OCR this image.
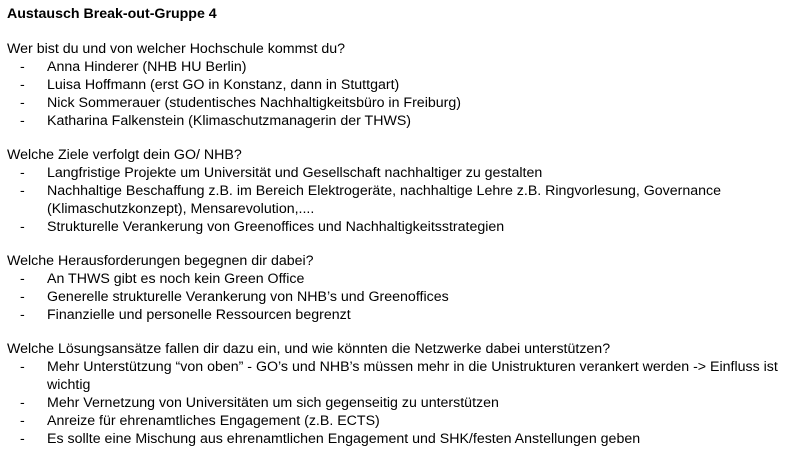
Austausch Break-out-Gruppe 4
Wer bist du und von welcher Hochschule kommst du?
- Anna Hinderer (NHB HU Berlin)
- Luisa Hoffmann (erst GO in Konstanz, dann in Stuttgart)
- Nick Sommerauer (studentisches Nachhaltigkeitsbüro in Freiburg)
- Katharina Falkenstein (Klimaschutzmanagerin der THWS)
Welche Ziele verfolgt dein GO/ NHB?
- Langfristige Projekte um Universität und Gesellschaft nachhaltiger zu gestalten
- Nachhaltige Beschaffung z.B. im Bereich Elektrogeräte, nachhaltige Lehre z.B. Ringvorlesung, Governance (Klimaschutzkonzept), Mensarevolution,....
- Strukturelle Verankerung von Greenoffices und Nachhaltigkeitsstrategien
Welche Herausforderungen begegnen dir dabei?
- An THWS gibt es noch kein Green Office
- Generelle strukturelle Verankerung von NHB’s und Greenoffices
- Finanzielle und personelle Ressourcen begrenzt
Welche Lösungsansätze fallen dir dazu ein, und wie könnten die Netzwerke dabei unterstützen?
- Mehr Unterstützung “von oben” - GO’s und NHB’s müssen mehr in die Unistrukturen verankert werden -> Einfluss ist wichtig
- Mehr Vernetzung von Universitäten um sich gegenseitig zu unterstützen
- Anreize für ehrenamtliches Engagement (z.B. ECTS)
- Es sollte eine Mischung aus ehrenamtlichen Engagement und SHK/festen Anstellungen geben
